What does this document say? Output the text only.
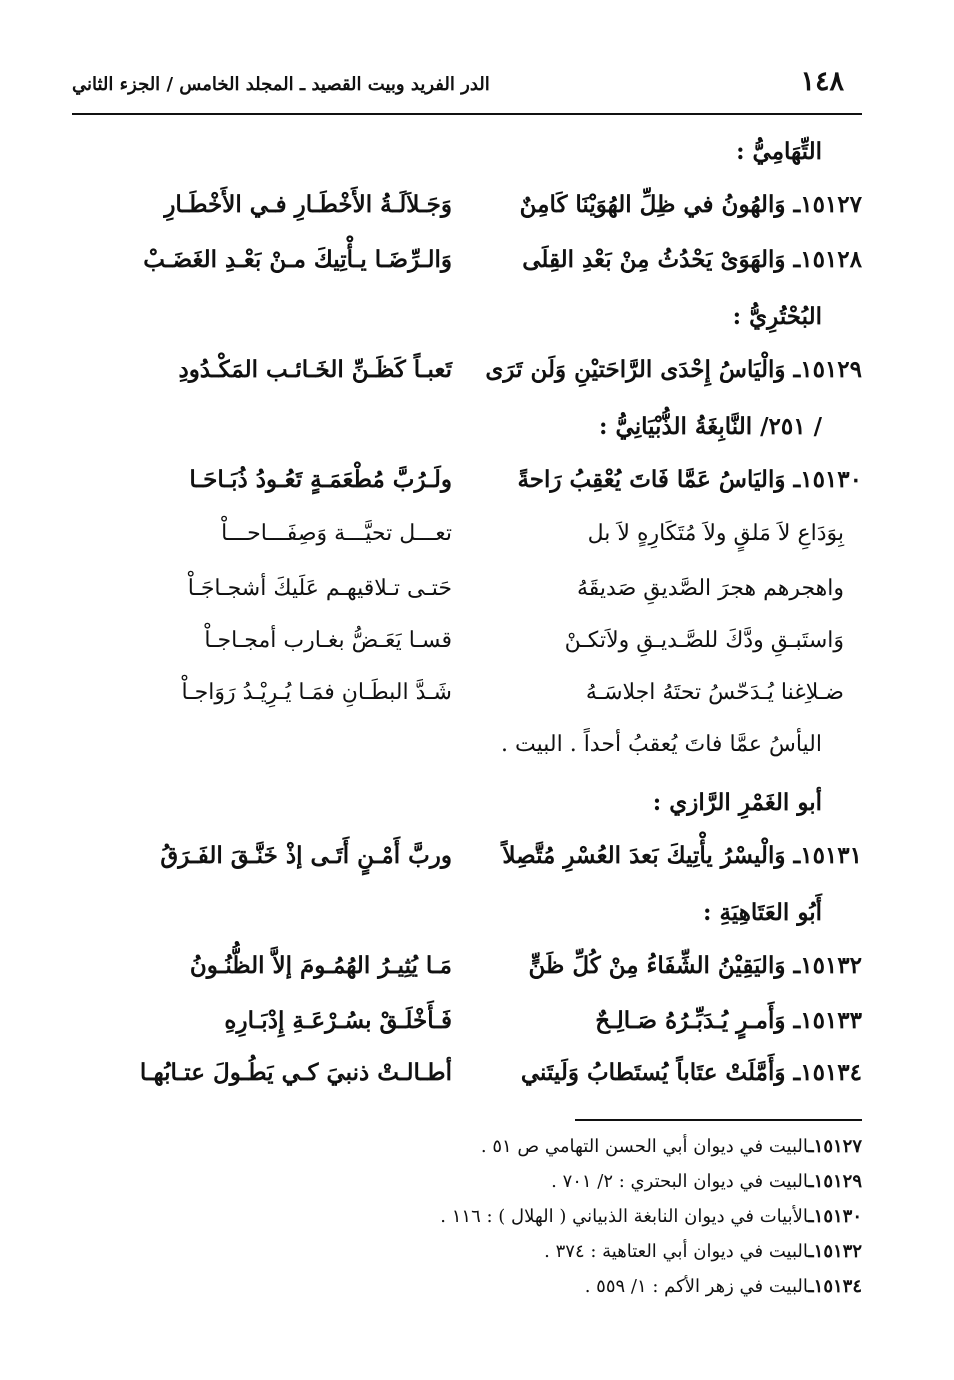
١٤٨
الدر الفريد وبيت القصيد ـ المجلد الخامس / الجزء الثاني
التِّهَامِيُّ :
١٥١٢٧ـ وَالهُونُ في ظِلِّ الهُوَيْنَا كَامِنٌ
وَجَـلاَلَـةُ الأَخْطَـارِ فـي الأَخْطَـارِ
١٥١٢٨ـ وَالهَوَىْ يَحْدُثُ مِنْ بَعْدِ القِلَى
وَالـرِّضَـا يـأْتِيكَ مـنْ بَعْـدِ الغَضَـبْ
البُحْتُرِيُّ :
١٥١٢٩ـ وَالْيَاسُ إِحْدَى الرَّاحَتيْنِ وَلَن تَرَى
تَعبـاً كَظَـنِّ الخَـائـب المَكْـدُودِ
/ ٢٥١/ النَّابِغَةُ الذُّبْيَانِيُّ :
١٥١٣٠ـ وَاليَاسُ عَمَّا فَاتَ يُعْقِبُ رَاحةً
ولَـرُبَّ مُطْعَمَـةٍ تَعُـودُ ذُبَـاحَـا
بِوَدَاعِ لاَ مَلقٍ ولاَ مُتَكَارِهٍ لاَ بل
تعـــل تحيَّـــة وَصِفَـــاحـــاْ
واهجرهم هجرَ الصَّديقِ صَديقَهُ
حَتـى تـلاقيهـم عَلَيكَ أشجـاجَـاْ
وَاستَبـقِ ودَّكَ للصَّـديـقِ ولاَتكـنْ
قسـا يَعَـضُّ بغـارب أمجـاجـاْ
ضـلاِغنا يُـدَحّسُ تحتَهُ اجلاسَـهُ
شَـدَّ البطَـانِ فمَـا يُـرِيْـدُ رَوَاجـاْ
اليأسُ عمَّا فاتَ يُعقبُ أحداً . البيت .
أبو الغَمْرِ الرَّازي :
١٥١٣١ـ وَالْيسْرُ يأْتِيكَ بَعدَ العُسْرِ مُتَّصِلاً
وربَّ أَمْـنٍ أَتَـى إذْ خَنَّـقَ الفَـرَقُ
أَبُو العَتَاهِيَةِ :
١٥١٣٢ـ وَاليَقِيْنُ الشِّفَاءُ مِنْ كُلِّ ظَنٍّ
مَـا يُثِيـرُ الهُمُـومَ إلاَّ الظُّنُـونُ
١٥١٣٣ـ وَأَمـرٍ يُـدَبِّـرُهُ صَـالِـحٌ
فَـأَخْلَـقْ بسُـرْعَـةِ إِدْبَـارِهِ
١٥١٣٤ـ وَأَمَّلَتْ عتَاباً يُستَطابُ وَلَيتَني
أطـالـتْ ذنبيَ كـي يَطُـولَ عتـابُهـا
١٥١٢٧ـالبيت في ديوان أبي الحسن التهامي ص ٥١ .
١٥١٢٩ـالبيت في ديوان البحتري : ٢/ ٧٠١ .
١٥١٣٠ـالأبيات في ديوان النابغة الذبياني ( الهلال ) : ١١٦ .
١٥١٣٢ـالبيت في ديوان أبي العتاهية : ٣٧٤ .
١٥١٣٤ـالبيت في زهر الأكم : ١/ ٥٥٩ .
